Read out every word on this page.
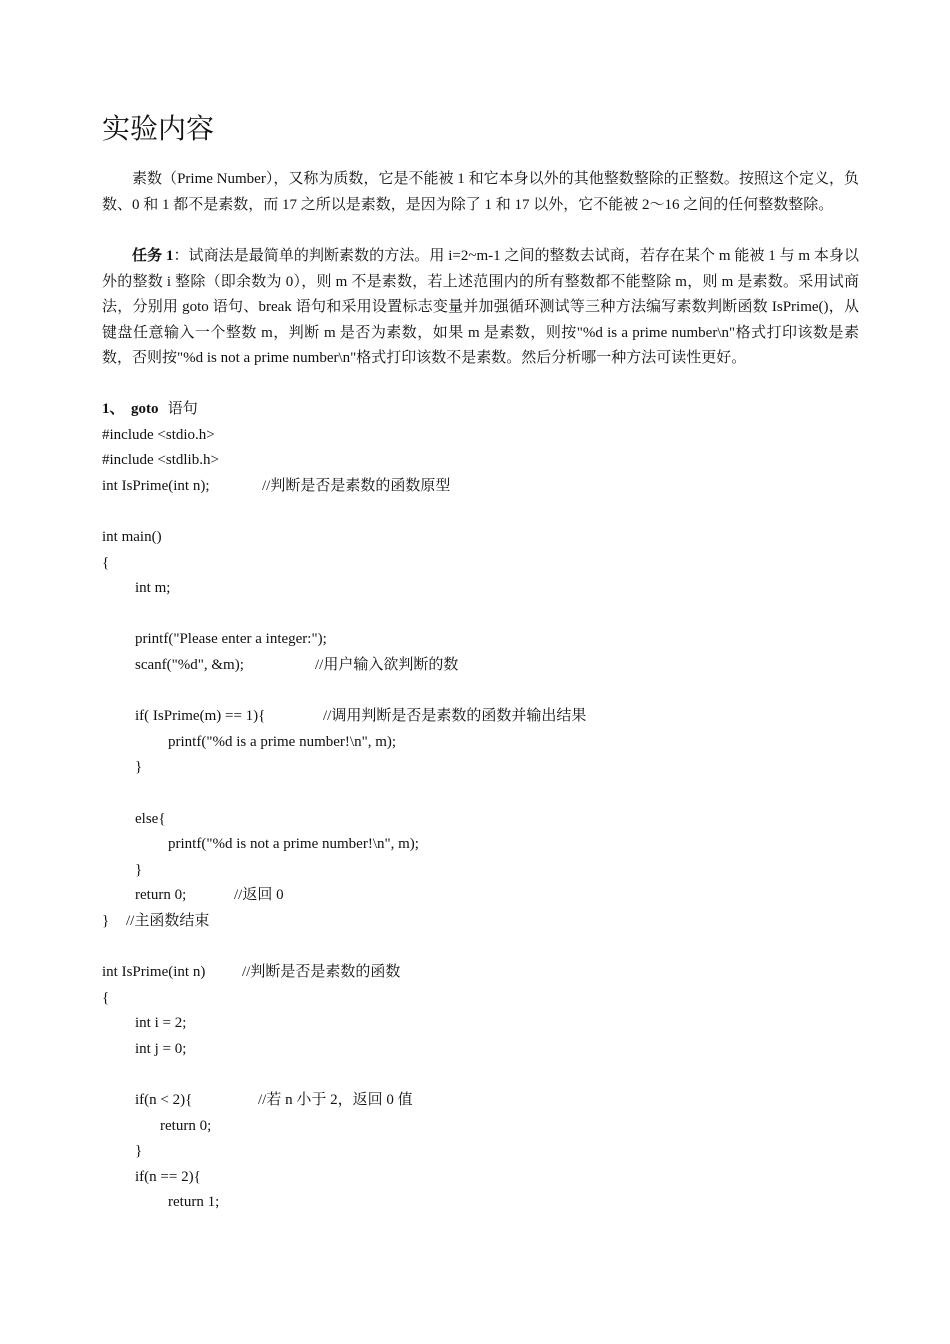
实验内容

素数（Prime Number），又称为质数，它是不能被 1 和它本身以外的其他整数整除的正整数。按照这个定义，负数、0 和 1 都不是素数，而 17 之所以是素数，是因为除了 1 和 17 以外，它不能被 2～16 之间的任何整数整除。

任务 1：试商法是最简单的判断素数的方法。用 i=2~m-1 之间的整数去试商，若存在某个 m 能被 1 与 m 本身以外的整数 i 整除（即余数为 0），则 m 不是素数，若上述范围内的所有整数都不能整除 m，则 m 是素数。采用试商法，分别用 goto 语句、break 语句和采用设置标志变量并加强循环测试等三种方法编写素数判断函数 IsPrime()，从键盘任意输入一个整数 m，判断 m 是否为素数，如果 m 是素数，则按"%d is a prime number\n"格式打印该数是素数，否则按"%d is not a prime number\n"格式打印该数不是素数。然后分析哪一种方法可读性更好。

1、

goto

语句

#include <stdio.h>
#include <stdlib.h>

int IsPrime(int n);

	//判断是否是素数的函数原型

int main()
{
int m;
printf("Please enter a integer:");

scanf("%d", &m);

	//用户输入欲判断的数

if( IsPrime(m) == 1){

	//调用判断是否是素数的函数并输出结果

printf("%d is a prime number!\n", m);
}
else{
printf("%d is not a prime number!\n", m);
}

return 0;

	//返回 0

}

//主函数结束

int IsPrime(int n)

//判断是否是素数的函数

{
int i = 2;
int j = 0;

if(n < 2){

	//若 n 小于 2，返回 0 值

return 0;
}
if(n == 2){
return 1;
